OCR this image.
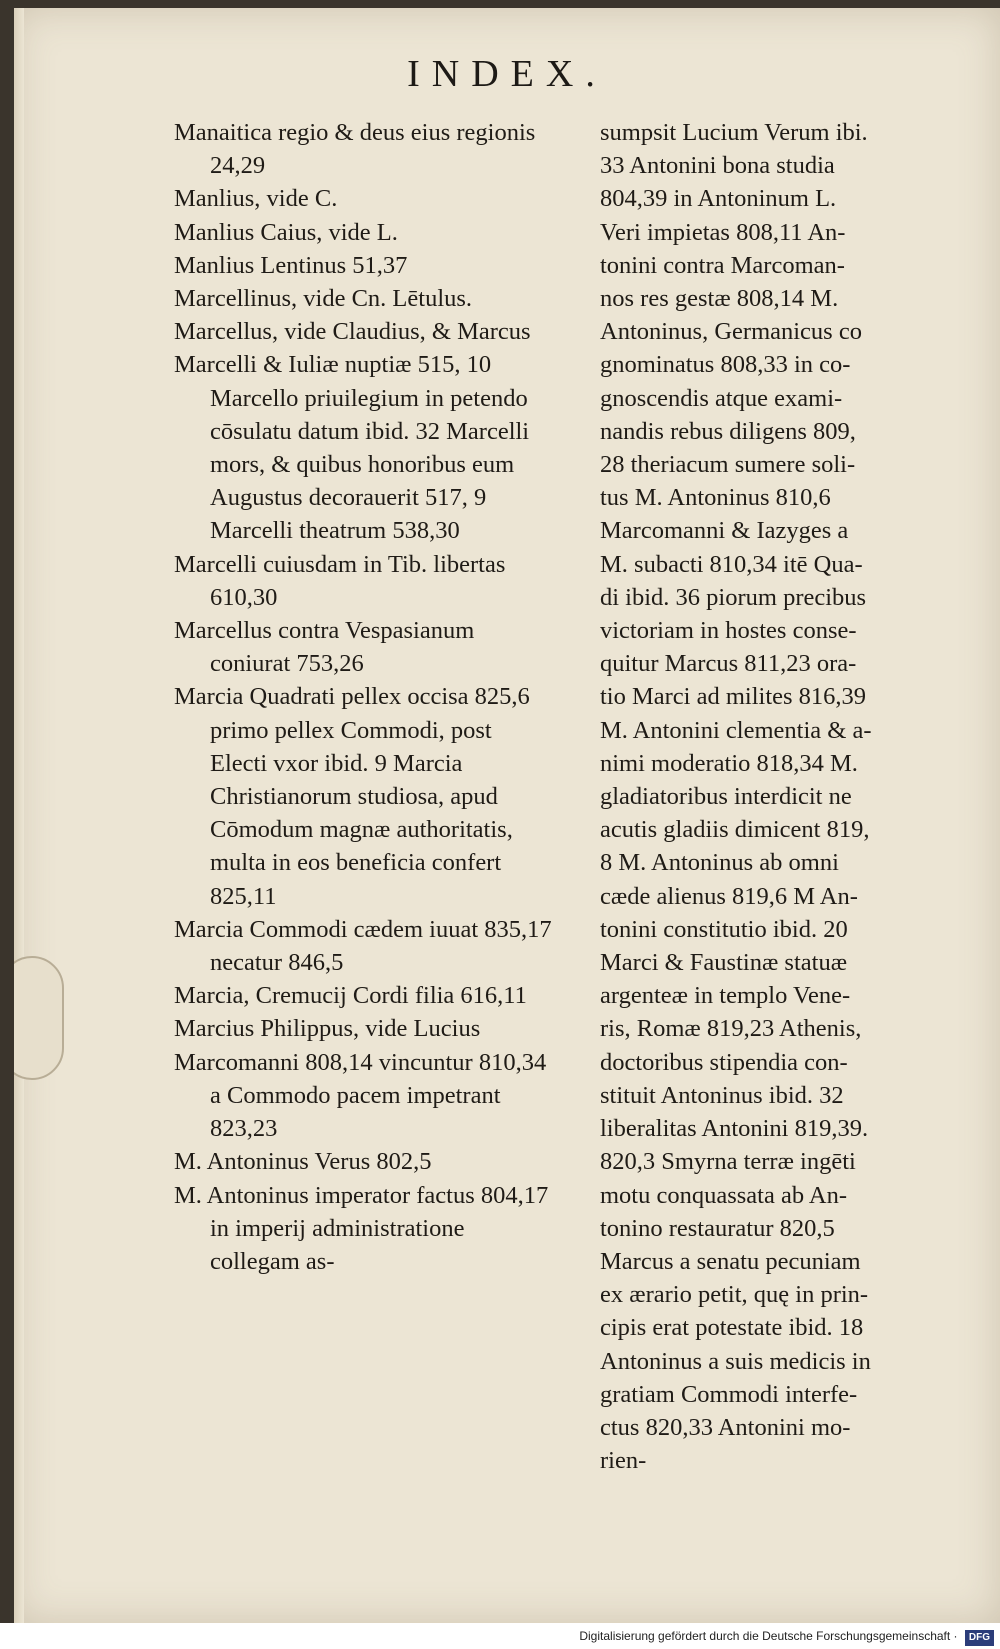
INDEX.
Manaitica regio & deus eius regionis 24,29
Manlius, vide C.
Manlius Caius, vide L.
Manlius Lentinus 51,37
Marcellinus, vide Cn. Lētulus.
Marcellus, vide Claudius, & Marcus
Marcelli & Iuliæ nuptiæ 515, 10 Marcello priuilegium in petendo cōsulatu datum ibid. 32 Marcelli mors, & quibus honoribus eum Augustus decorauerit 517, 9 Marcelli theatrum 538,30
Marcelli cuiusdam in Tib. libertas 610,30
Marcellus contra Vespasianum coniurat 753,26
Marcia Quadrati pellex occisa 825,6 primo pellex Commodi, post Electi vxor ibid. 9 Marcia Christianorum studiosa, apud Cōmodum magnæ authoritatis, multa in eos beneficia confert 825,11
Marcia Commodi cædem iuuat 835,17 necatur 846,5
Marcia, Cremucij Cordi filia 616,11
Marcius Philippus, vide Lucius
Marcomanni 808,14 vincuntur 810,34 a Commodo pacem impetrant 823,23
M. Antoninus Verus 802,5
M. Antoninus imperator factus 804,17 in imperij administratione collegam as-
sumpsit Lucium Verum ibi.
33 Antonini bona studia
804,39 in Antoninum L.
Veri impietas 808,11 An-
tonini contra Marcoman-
nos res gestæ 808,14 M.
Antoninus, Germanicus co
gnominatus 808,33 in co-
gnoscendis atque exami-
nandis rebus diligens 809,
28 theriacum sumere soli-
tus M. Antoninus 810,6
Marcomanni & Iazyges a
M. subacti 810,34 itē Qua-
di ibid. 36 piorum precibus
victoriam in hostes conse-
quitur Marcus 811,23 ora-
tio Marci ad milites 816,39
M. Antonini clementia & a-
nimi moderatio 818,34 M.
gladiatoribus interdicit ne
acutis gladiis dimicent 819,
8 M. Antoninus ab omni
cæde alienus 819,6 M An-
tonini constitutio ibid. 20
Marci & Faustinæ statuæ
argenteæ in templo Vene-
ris, Romæ 819,23 Athenis,
doctoribus stipendia con-
stituit Antoninus ibid. 32
liberalitas Antonini 819,39.
820,3 Smyrna terræ ingēti
motu conquassata ab An-
tonino restauratur 820,5
Marcus a senatu pecuniam
ex ærario petit, quę in prin-
cipis erat potestate ibid. 18
Antoninus a suis medicis in
gratiam Commodi interfe-
ctus 820,33 Antonini mo-
rien-
Digitalisierung gefördert durch die Deutsche Forschungsgemeinschaft · DFG
